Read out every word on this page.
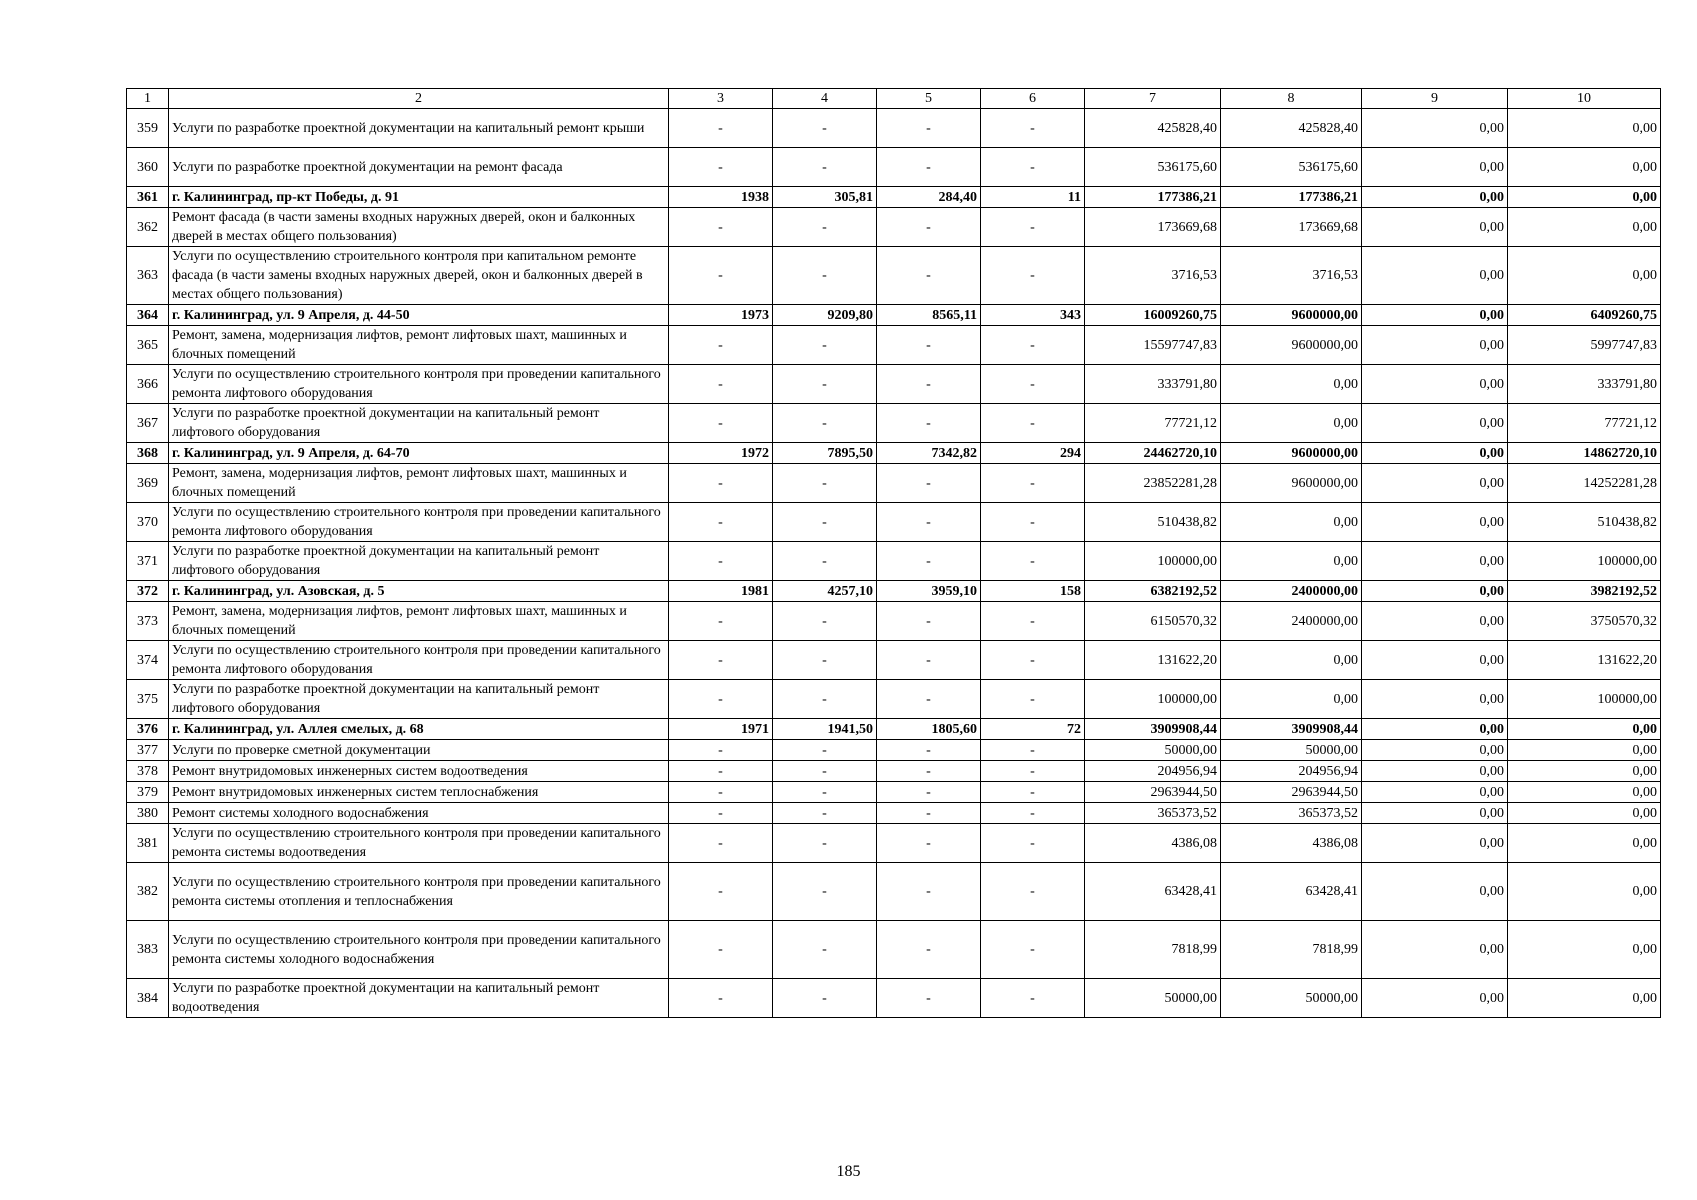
1	2	3	4	5	6	7	8	9	10
359	Услуги по разработке проектной документации на капитальный ремонт крыши	-	-	-	-	425828,40	425828,40	0,00	0,00
360	Услуги по разработке проектной документации на ремонт фасада	-	-	-	-	536175,60	536175,60	0,00	0,00
361	г. Калининград, пр-кт Победы, д. 91	1938	305,81	284,40	11	177386,21	177386,21	0,00	0,00
362	Ремонт фасада (в части замены входных наружных дверей, окон и балконных дверей в местах общего пользования)	-	-	-	-	173669,68	173669,68	0,00	0,00
363	Услуги по осуществлению строительного контроля при капитальном ремонте фасада (в части замены входных наружных дверей, окон и балконных дверей в местах общего пользования)	-	-	-	-	3716,53	3716,53	0,00	0,00
364	г. Калининград, ул. 9 Апреля, д. 44-50	1973	9209,80	8565,11	343	16009260,75	9600000,00	0,00	6409260,75
365	Ремонт, замена, модернизация лифтов, ремонт лифтовых шахт, машинных и блочных помещений	-	-	-	-	15597747,83	9600000,00	0,00	5997747,83
366	Услуги по осуществлению строительного контроля при проведении капитального ремонта лифтового оборудования	-	-	-	-	333791,80	0,00	0,00	333791,80
367	Услуги по разработке проектной документации на капитальный ремонт лифтового оборудования	-	-	-	-	77721,12	0,00	0,00	77721,12
368	г. Калининград, ул. 9 Апреля, д. 64-70	1972	7895,50	7342,82	294	24462720,10	9600000,00	0,00	14862720,10
369	Ремонт, замена, модернизация лифтов, ремонт лифтовых шахт, машинных и блочных помещений	-	-	-	-	23852281,28	9600000,00	0,00	14252281,28
370	Услуги по осуществлению строительного контроля при проведении капитального ремонта лифтового оборудования	-	-	-	-	510438,82	0,00	0,00	510438,82
371	Услуги по разработке проектной документации на капитальный ремонт лифтового оборудования	-	-	-	-	100000,00	0,00	0,00	100000,00
372	г. Калининград, ул. Азовская, д. 5	1981	4257,10	3959,10	158	6382192,52	2400000,00	0,00	3982192,52
373	Ремонт, замена, модернизация лифтов, ремонт лифтовых шахт, машинных и блочных помещений	-	-	-	-	6150570,32	2400000,00	0,00	3750570,32
374	Услуги по осуществлению строительного контроля при проведении капитального ремонта лифтового оборудования	-	-	-	-	131622,20	0,00	0,00	131622,20
375	Услуги по разработке проектной документации на капитальный ремонт лифтового оборудования	-	-	-	-	100000,00	0,00	0,00	100000,00
376	г. Калининград, ул. Аллея смелых, д. 68	1971	1941,50	1805,60	72	3909908,44	3909908,44	0,00	0,00
377	Услуги по проверке сметной документации	-	-	-	-	50000,00	50000,00	0,00	0,00
378	Ремонт внутридомовых инженерных систем водоотведения	-	-	-	-	204956,94	204956,94	0,00	0,00
379	Ремонт внутридомовых инженерных систем теплоснабжения	-	-	-	-	2963944,50	2963944,50	0,00	0,00
380	Ремонт системы холодного водоснабжения	-	-	-	-	365373,52	365373,52	0,00	0,00
381	Услуги по осуществлению строительного контроля при проведении капитального ремонта системы водоотведения	-	-	-	-	4386,08	4386,08	0,00	0,00
382	Услуги по осуществлению строительного контроля при проведении капитального ремонта системы отопления и теплоснабжения	-	-	-	-	63428,41	63428,41	0,00	0,00
383	Услуги по осуществлению строительного контроля при проведении капитального ремонта системы холодного водоснабжения	-	-	-	-	7818,99	7818,99	0,00	0,00
384	Услуги по разработке проектной документации на капитальный ремонт водоотведения	-	-	-	-	50000,00	50000,00	0,00	0,00
185
